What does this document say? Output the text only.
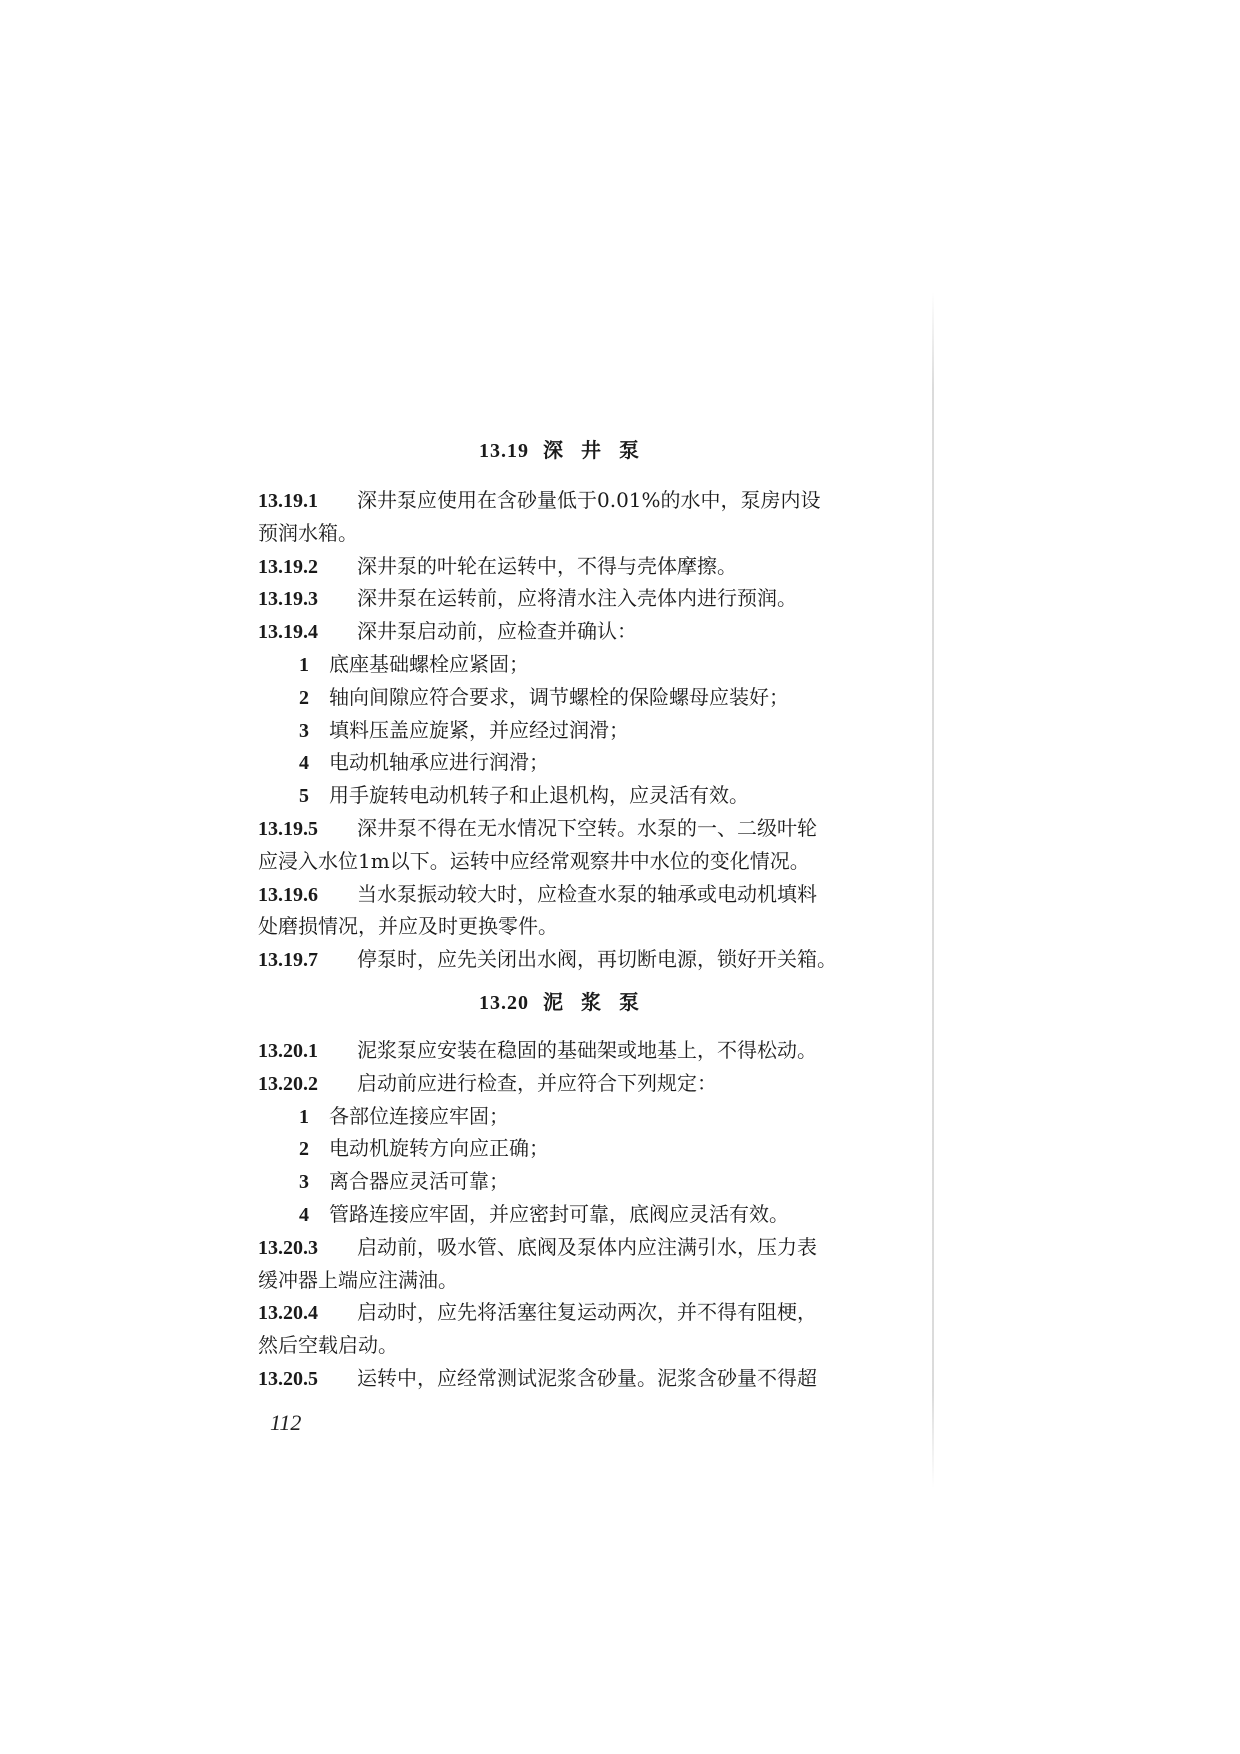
13.19 深井泵
13.19.1 深井泵应使用在含砂量低于0.01%的水中，泵房内设
预润水箱。
13.19.2 深井泵的叶轮在运转中，不得与壳体摩擦。
13.19.3 深井泵在运转前，应将清水注入壳体内进行预润。
13.19.4 深井泵启动前，应检查并确认：
1 底座基础螺栓应紧固；
2 轴向间隙应符合要求，调节螺栓的保险螺母应装好；
3 填料压盖应旋紧，并应经过润滑；
4 电动机轴承应进行润滑；
5 用手旋转电动机转子和止退机构，应灵活有效。
13.19.5 深井泵不得在无水情况下空转。水泵的一、二级叶轮
应浸入水位1m以下。运转中应经常观察井中水位的变化情况。
13.19.6 当水泵振动较大时，应检查水泵的轴承或电动机填料
处磨损情况，并应及时更换零件。
13.19.7 停泵时，应先关闭出水阀，再切断电源，锁好开关箱。
13.20 泥浆泵
13.20.1 泥浆泵应安装在稳固的基础架或地基上，不得松动。
13.20.2 启动前应进行检查，并应符合下列规定：
1 各部位连接应牢固；
2 电动机旋转方向应正确；
3 离合器应灵活可靠；
4 管路连接应牢固，并应密封可靠，底阀应灵活有效。
13.20.3 启动前，吸水管、底阀及泵体内应注满引水，压力表
缓冲器上端应注满油。
13.20.4 启动时，应先将活塞往复运动两次，并不得有阻梗，
然后空载启动。
13.20.5 运转中，应经常测试泥浆含砂量。泥浆含砂量不得超
112
